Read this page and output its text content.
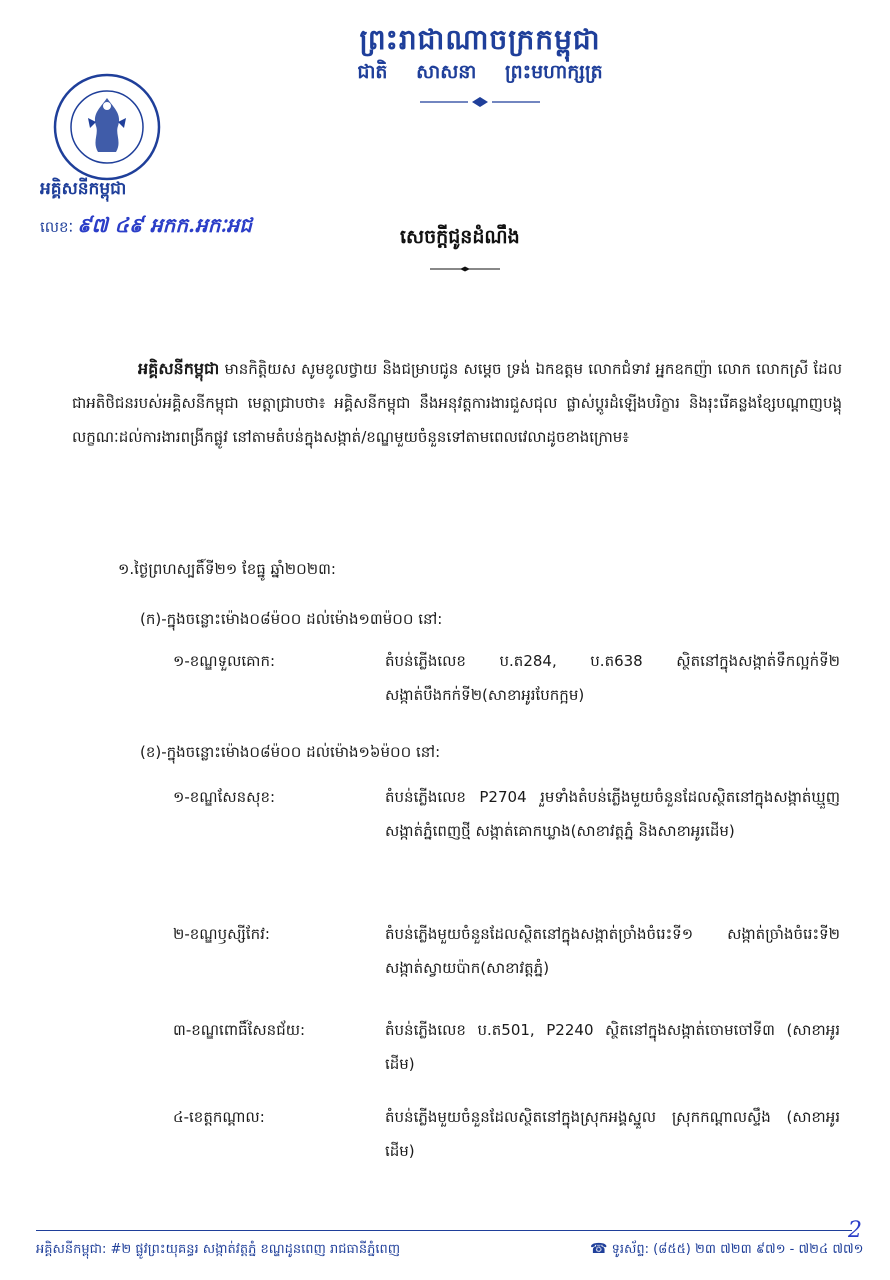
ព្រះរាជាណាចក្រកម្ពុជា
ជាតិ សាសនា ព្រះមហាក្សត្រ
អគ្គិសនីកម្ពុជា
លេខៈ ៩៧ ៤៩ អកក.អកៈអជ	សេចក្តីជូនដំណឹង
អគ្គិសនីកម្ពុជា មានកិត្តិយស សូមខូលថ្វាយ និងជម្រាបជូន សម្តេច ទ្រង់ ឯកឧត្តម លោកជំទាវ អ្នកឧកញ៉ា លោក លោកស្រី ដែលជាអតិថិជនរបស់អគ្គិសនីកម្ពុជា មេត្តាជ្រាបថា៖ អគ្គិសនីកម្ពុជា នឹងអនុវត្តការងារជួសជុល ផ្លាស់ប្តូរដំឡើងបរិក្ខារ និងរុះរើគន្លងខ្សែបណ្តាញបង្គុលក្ខណៈដល់ការងារពង្រីកផ្លូវ នៅតាមតំបន់ក្នុងសង្កាត់/ខណ្ឌមួយចំនួនទៅតាមពេលវេលាដូចខាងក្រោម៖
១.ថ្ងៃព្រហស្បតិ៍ទី២១ ខែធ្នូ ឆ្នាំ២០២៣:
(ក)-ក្នុងចន្លោះម៉ោង០៨ម៉០០ ដល់ម៉ោង១៣ម៉០០ នៅ:
១-ខណ្ឌទួលគោក:	តំបន់ភ្លើងលេខ ប.ត284, ប.ត638 ស្ថិតនៅក្នុងសង្កាត់ទឹកល្អក់ទី២ សង្កាត់បឹងកក់ទី២(សាខាអូរបែកក្អម)
(ខ)-ក្នុងចន្លោះម៉ោង០៨ម៉០០ ដល់ម៉ោង១៦ម៉០០ នៅ:
១-ខណ្ឌសែនសុខ:	តំបន់ភ្លើងលេខ P2704 រួមទាំងតំបន់ភ្លើងមួយចំនួនដែលស្ថិតនៅក្នុងសង្កាត់ឃ្មួញ សង្កាត់ភ្នំពេញថ្មី សង្កាត់គោកឃ្លាង(សាខាវត្តភ្នំ និងសាខាអូរដើម)
២-ខណ្ឌឫស្សីកែវ:	តំបន់ភ្លើងមួយចំនួនដែលស្ថិតនៅក្នុងសង្កាត់ច្រាំងចំរេះទី១ សង្កាត់ច្រាំងចំរេះទី២ សង្កាត់ស្វាយប៉ាក(សាខាវត្តភ្នំ)
៣-ខណ្ឌពោធិ៍សែនជ័យ:	តំបន់ភ្លើងលេខ ប.ត501, P2240 ស្ថិតនៅក្នុងសង្កាត់ចោមចៅទី៣ (សាខាអូរដើម)
៤-ខេត្តកណ្តាល:	តំបន់ភ្លើងមួយចំនួនដែលស្ថិតនៅក្នុងស្រុកអង្គស្នួល ស្រុកកណ្តាលស្ទឹង (សាខាអូរដើម)
អគ្គិសនីកម្ពុជា: #២ ផ្លូវព្រះយុគន្ធរ សង្កាត់វត្តភ្នំ ខណ្ឌដូនពេញ រាជធានីភ្នំពេញ	☎ ទូរស័ព្ទ: (៨៥៥) ២៣ ៧២៣ ៩៧១ - ៧២៤ ៧៧១
2
